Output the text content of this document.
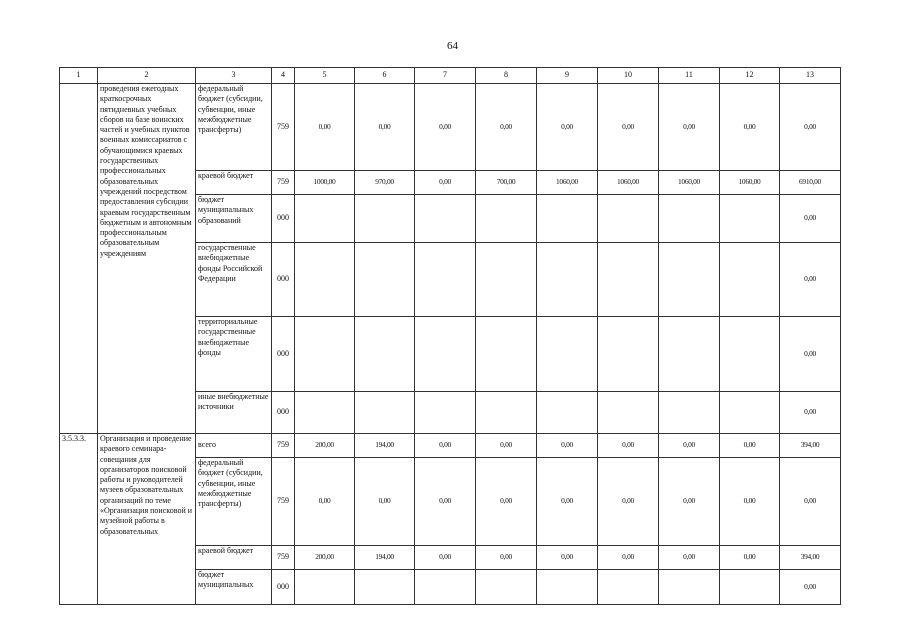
64
1	2	3	4	5	6	7	8	9	10	11	12	13
	проведения ежегодных краткосрочных пятидневных учебных сборов на базе воинских частей и учебных пунктов военных комиссариатов с обучающимися краевых государственных профессиональных образовательных учреждений посредством предоставления субсидии краевым государственным бюджетным и автономным профессиональным образовательным учреждениям	федеральный бюджет (субсидии, субвенции, иные межбюджетные трансферты)	759	0,00	0,00	0,00	0,00	0,00	0,00	0,00	0,00	0,00
		краевой бюджет	759	1000,00	970,00	0,00	700,00	1060,00	1060,00	1060,00	1060,00	6910,00
		бюджет муниципальных образований	000									0,00
		государственные внебюджетные фонды Российской Федерации	000									0,00
		территориальные государственные внебюджетные фонды	000									0,00
		иные внебюджетные источники	000									0,00
3.5.3.3.	Организация и проведение краевого семинара-совещания для организаторов поисковой работы и руководителей музеев образовательных организаций по теме «Организация поисковой и музейной работы в образовательных	всего	759	200,00	194,00	0,00	0,00	0,00	0,00	0,00	0,00	394,00
		федеральный бюджет (субсидии, субвенции, иные межбюджетные трансферты)	759	0,00	0,00	0,00	0,00	0,00	0,00	0,00	0,00	0,00
		краевой бюджет	759	200,00	194,00	0,00	0,00	0,00	0,00	0,00	0,00	394,00
		бюджет муниципальных	000									0,00
